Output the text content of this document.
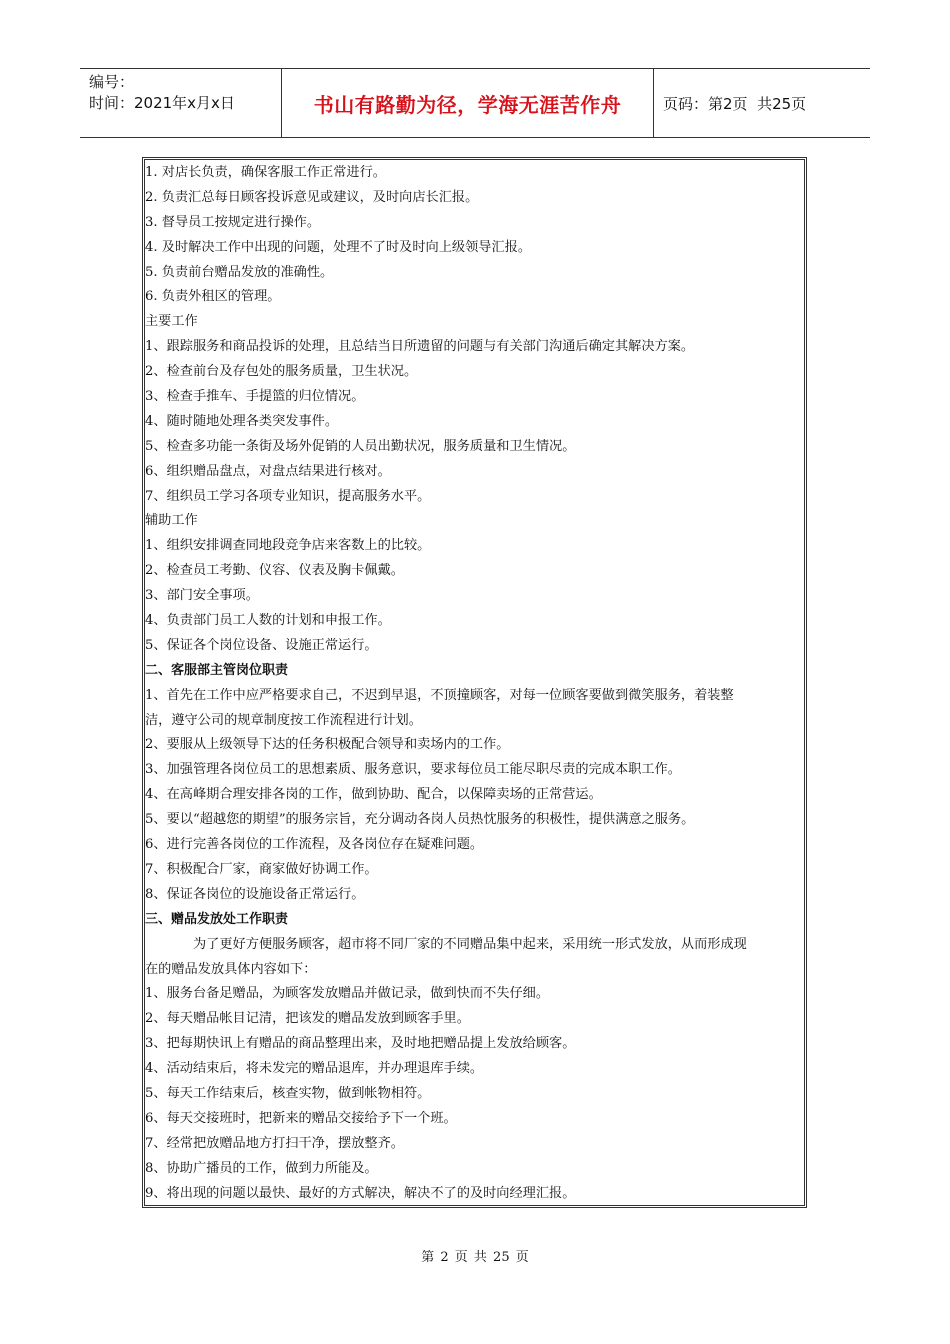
编号：
时间：2021年x月x日	书山有路勤为径，学海无涯苦作舟	页码：第2页  共25页
1. 对店长负责，确保客服工作正常进行。
2. 负责汇总每日顾客投诉意见或建议，及时向店长汇报。
3. 督导员工按规定进行操作。
4. 及时解决工作中出现的问题，处理不了时及时向上级领导汇报。
5. 负责前台赠品发放的准确性。
6. 负责外租区的管理。
主要工作
1、跟踪服务和商品投诉的处理，且总结当日所遗留的问题与有关部门沟通后确定其解决方案。
2、检查前台及存包处的服务质量，卫生状况。
3、检查手推车、手提篮的归位情况。
4、随时随地处理各类突发事件。
5、检查多功能一条街及场外促销的人员出勤状况，服务质量和卫生情况。
6、组织赠品盘点，对盘点结果进行核对。
7、组织员工学习各项专业知识，提高服务水平。
辅助工作
1、组织安排调查同地段竞争店来客数上的比较。
2、检查员工考勤、仪容、仪表及胸卡佩戴。
3、部门安全事项。
4、负责部门员工人数的计划和申报工作。
5、保证各个岗位设备、设施正常运行。
二、客服部主管岗位职责
1、首先在工作中应严格要求自己，不迟到早退，不顶撞顾客，对每一位顾客要做到微笑服务，着装整
洁，遵守公司的规章制度按工作流程进行计划。
2、要服从上级领导下达的任务积极配合领导和卖场内的工作。
3、加强管理各岗位员工的思想素质、服务意识，要求每位员工能尽职尽责的完成本职工作。
4、在高峰期合理安排各岗的工作，做到协助、配合，以保障卖场的正常营运。
5、要以“超越您的期望”的服务宗旨，充分调动各岗人员热忱服务的积极性，提供满意之服务。
6、进行完善各岗位的工作流程，及各岗位存在疑难问题。
7、积极配合厂家，商家做好协调工作。
8、保证各岗位的设施设备正常运行。
三、赠品发放处工作职责
为了更好方便服务顾客，超市将不同厂家的不同赠品集中起来，采用统一形式发放，从而形成现
在的赠品发放具体内容如下：
1、服务台备足赠品，为顾客发放赠品并做记录，做到快而不失仔细。
2、每天赠品帐目记清，把该发的赠品发放到顾客手里。
3、把每期快讯上有赠品的商品整理出来，及时地把赠品提上发放给顾客。
4、活动结束后，将未发完的赠品退库，并办理退库手续。
5、每天工作结束后，核查实物，做到帐物相符。
6、每天交接班时，把新来的赠品交接给予下一个班。
7、经常把放赠品地方打扫干净，摆放整齐。
8、协助广播员的工作，做到力所能及。
9、将出现的问题以最快、最好的方式解决，解决不了的及时向经理汇报。
第 2 页 共 25 页
